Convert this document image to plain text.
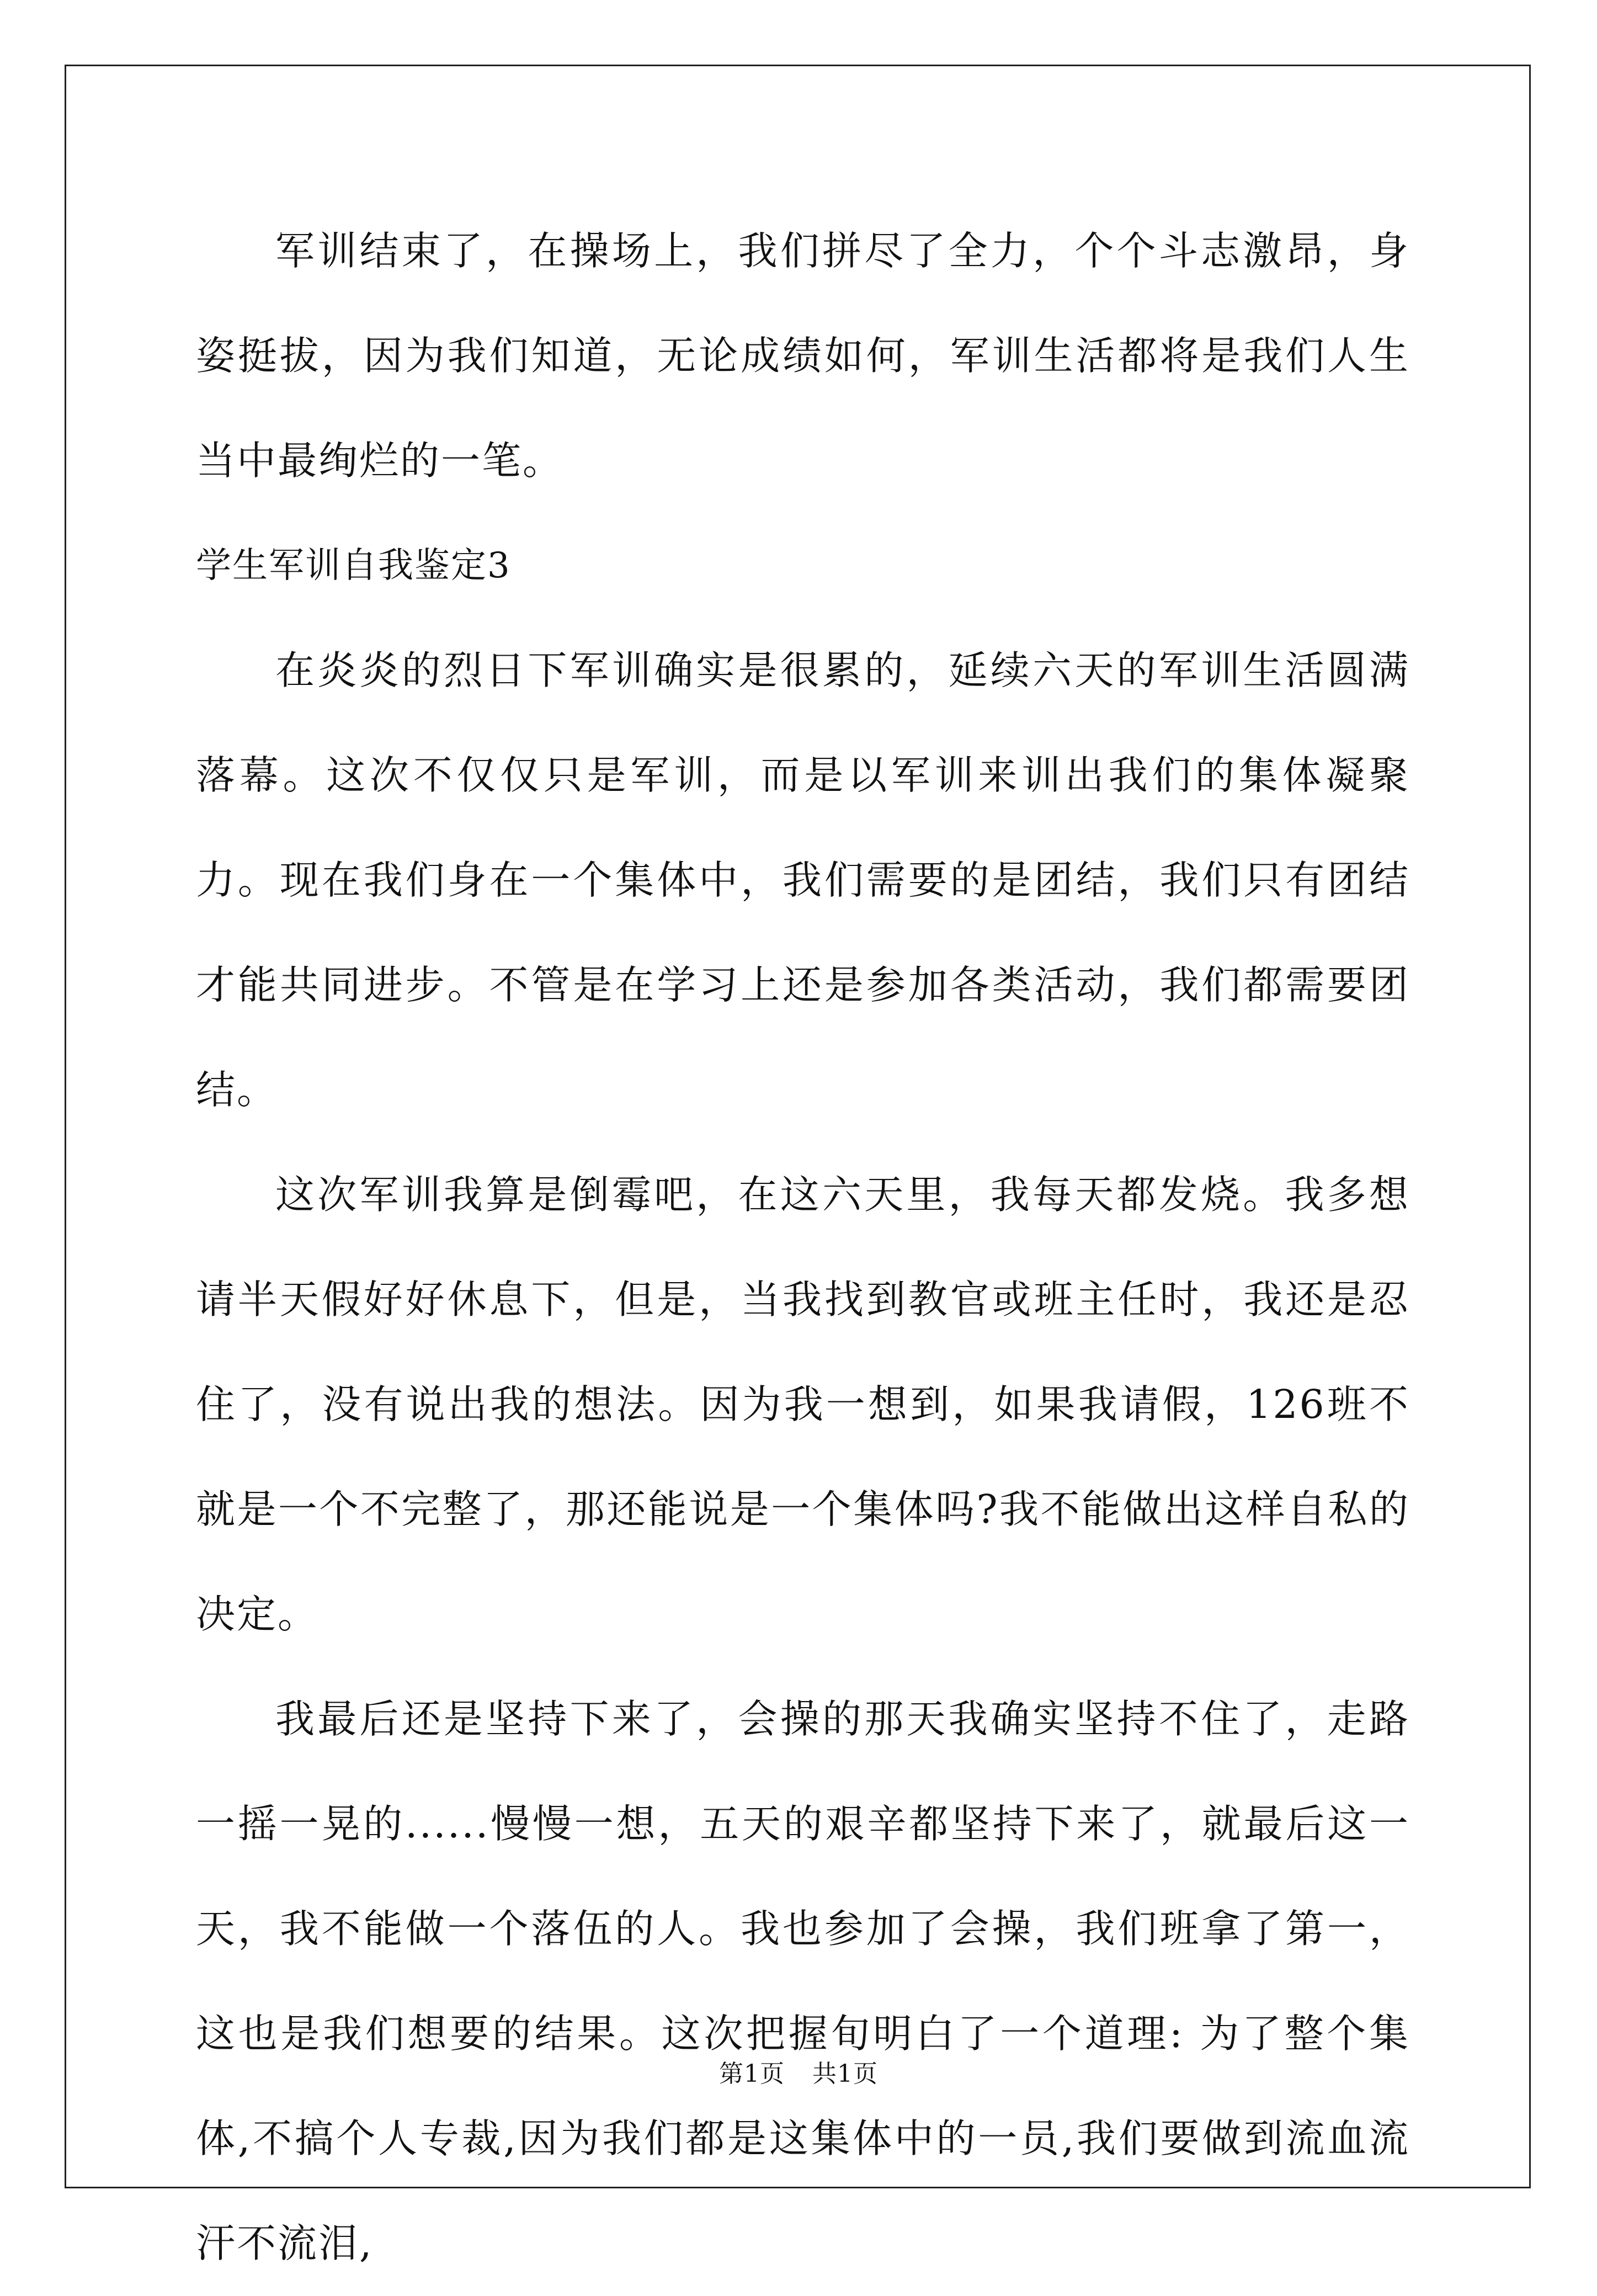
军训结束了，在操场上，我们拼尽了全力，个个斗志激昂，身姿挺拔，因为我们知道，无论成绩如何，军训生活都将是我们人生当中最绚烂的一笔。

学生军训自我鉴定3

在炎炎的烈日下军训确实是很累的，延续六天的军训生活圆满落幕。这次不仅仅只是军训，而是以军训来训出我们的集体凝聚力。现在我们身在一个集体中，我们需要的是团结，我们只有团结才能共同进步。不管是在学习上还是参加各类活动，我们都需要团结。

这次军训我算是倒霉吧，在这六天里，我每天都发烧。我多想请半天假好好休息下，但是，当我找到教官或班主任时，我还是忍住了，没有说出我的想法。因为我一想到，如果我请假，126班不就是一个不完整了，那还能说是一个集体吗?我不能做出这样自私的决定。

我最后还是坚持下来了，会操的那天我确实坚持不住了，走路一摇一晃的......慢慢一想，五天的艰辛都坚持下来了，就最后这一天，我不能做一个落伍的人。我也参加了会操，我们班拿了第一，这也是我们想要的结果。这次把握旬明白了一个道理: 为了整个集体,不搞个人专裁,因为我们都是这集体中的一员,我们要做到流血流汗不流泪,

第1页 共1页
